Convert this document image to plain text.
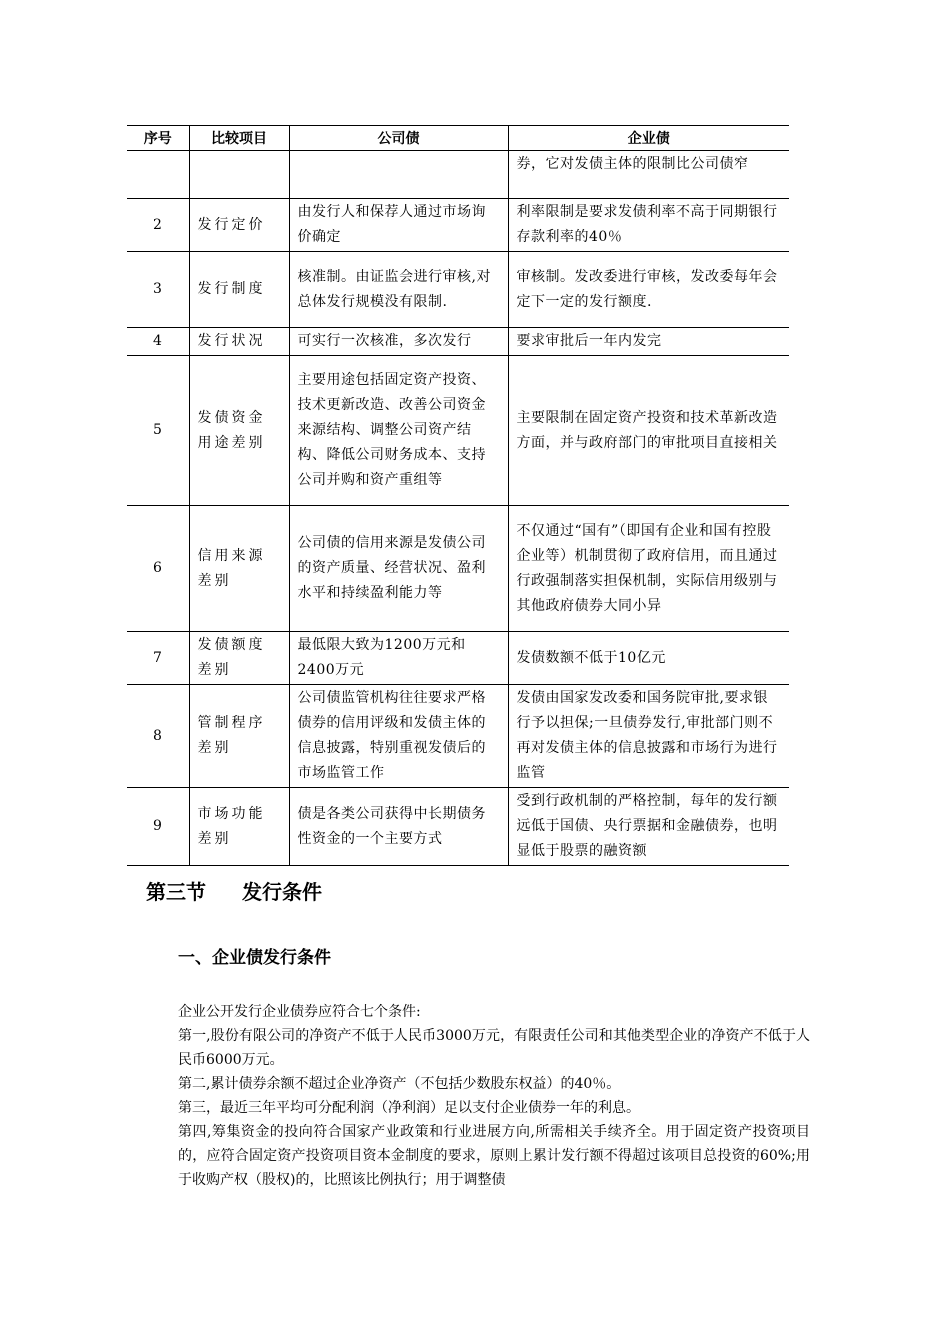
序号	比较项目	公司债	企业债
			券，它对发债主体的限制比公司债窄
2	发行定价	由发行人和保荐人通过市场询价确定	利率限制是要求发债利率不高于同期银行存款利率的40％
3	发行制度	核准制。由证监会进行审核,对总体发行规模没有限制.	审核制。发改委进行审核，发改委每年会定下一定的发行额度.
4	发行状况	可实行一次核准，多次发行	要求审批后一年内发完
5	发债资金用途差别	主要用途包括固定资产投资、技术更新改造、改善公司资金来源结构、调整公司资产结构、降低公司财务成本、支持公司并购和资产重组等	主要限制在固定资产投资和技术革新改造方面，并与政府部门的审批项目直接相关
6	信用来源差别	公司债的信用来源是发债公司的资产质量、经营状况、盈利水平和持续盈利能力等	不仅通过“国有”（即国有企业和国有控股企业等）机制贯彻了政府信用，而且通过行政强制落实担保机制，实际信用级别与其他政府债券大同小异
7	发债额度差别	最低限大致为1200万元和2400万元	发债数额不低于10亿元
8	管制程序差别	公司债监管机构往往要求严格债券的信用评级和发债主体的信息披露，特别重视发债后的市场监管工作	发债由国家发改委和国务院审批,要求银行予以担保;一旦债券发行,审批部门则不再对发债主体的信息披露和市场行为进行监管
9	市场功能差别	债是各类公司获得中长期债务性资金的一个主要方式	受到行政机制的严格控制，每年的发行额远低于国债、央行票据和金融债券，也明显低于股票的融资额
第三节 发行条件
一、企业债发行条件

企业公开发行企业债券应符合七个条件:

第一,股份有限公司的净资产不低于人民币3000万元，有限责任公司和其他类型企业的净资产不低于人民币6000万元。

第二,累计债券余额不超过企业净资产（不包括少数股东权益）的40％。

第三，最近三年平均可分配利润（净利润）足以支付企业债券一年的利息。

第四,筹集资金的投向符合国家产业政策和行业进展方向,所需相关手续齐全。用于固定资产投资项目的，应符合固定资产投资项目资本金制度的要求，原则上累计发行额不得超过该项目总投资的60%;用于收购产权（股权)的，比照该比例执行；用于调整债
